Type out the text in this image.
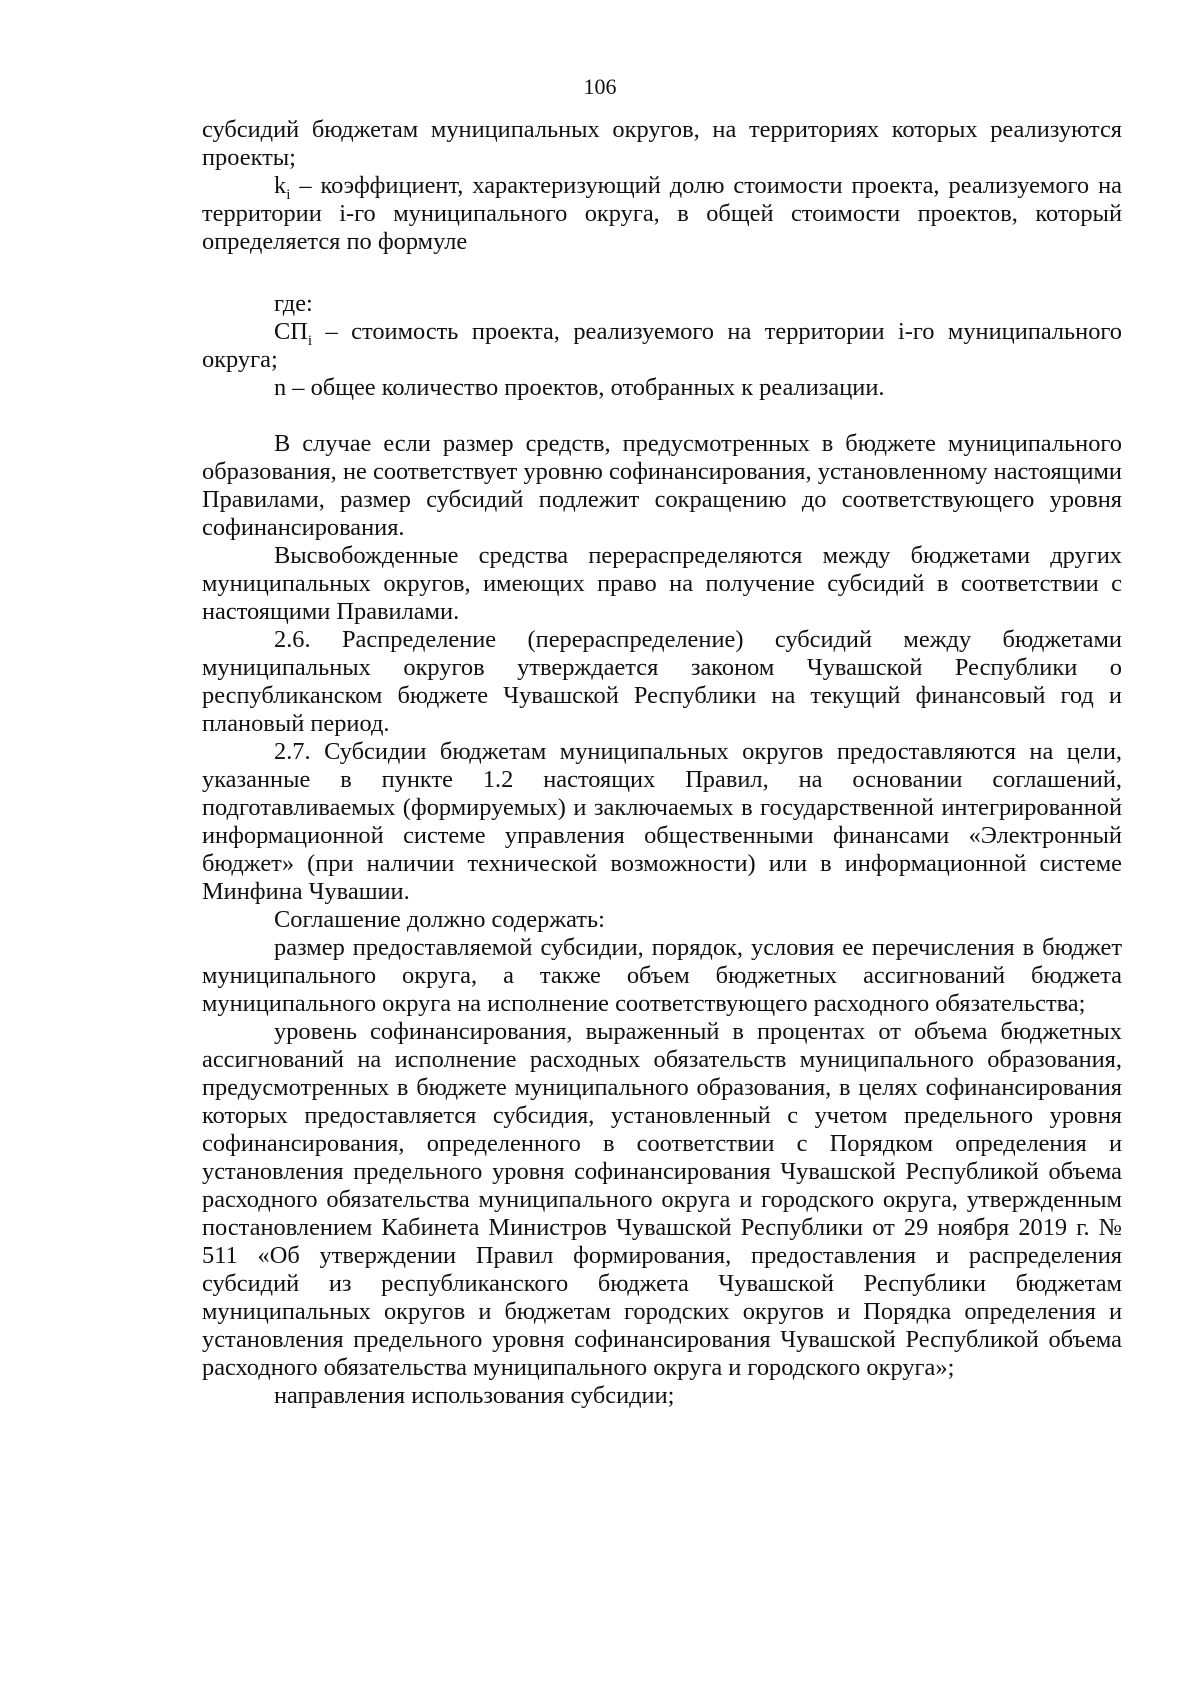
106

субсидий бюджетам муниципальных округов, на территориях которых реализуются проекты;

$k_i$ – коэффициент, характеризующий долю стоимости проекта, реализуемого на территории i-го муниципального округа, в общей стоимости проектов, который определяется по формуле

где:

$СП_i$ – стоимость проекта, реализуемого на территории i-го муниципального округа;

n – общее количество проектов, отобранных к реализации.

В случае если размер средств, предусмотренных в бюджете муниципального образования, не соответствует уровню софинансирования, установленному настоящими Правилами, размер субсидий подлежит сокращению до соответствующего уровня софинансирования.

Высвобожденные средства перераспределяются между бюджетами других муниципальных округов, имеющих право на получение субсидий в соответствии с настоящими Правилами.

2.6. Распределение (перераспределение) субсидий между бюджетами муниципальных округов утверждается законом Чувашской Республики о республиканском бюджете Чувашской Республики на текущий финансовый год и плановый период.

2.7. Субсидии бюджетам муниципальных округов предоставляются на цели, указанные в пункте 1.2 настоящих Правил, на основании соглашений, подготавливаемых (формируемых) и заключаемых в государственной интегрированной информационной системе управления общественными финансами «Электронный бюджет» (при наличии технической возможности) или в информационной системе Минфина Чувашии.

Соглашение должно содержать:

размер предоставляемой субсидии, порядок, условия ее перечисления в бюджет муниципального округа, а также объем бюджетных ассигнований бюджета муниципального округа на исполнение соответствующего расходного обязательства;

уровень софинансирования, выраженный в процентах от объема бюджетных ассигнований на исполнение расходных обязательств муниципального образования, предусмотренных в бюджете муниципального образования, в целях софинансирования которых предоставляется субсидия, установленный с учетом предельного уровня софинансирования, определенного в соответствии с Порядком определения и установления предельного уровня софинансирования Чувашской Республикой объема расходного обязательства муниципального округа и городского округа, утвержденным постановлением Кабинета Министров Чувашской Республики от 29 ноября 2019 г. № 511 «Об утверждении Правил формирования, предоставления и распределения субсидий из республиканского бюджета Чувашской Республики бюджетам муниципальных округов и бюджетам городских округов и Порядка определения и установления предельного уровня софинансирования Чувашской Республикой объема расходного обязательства муниципального округа и городского округа»;

направления использования субсидии;
